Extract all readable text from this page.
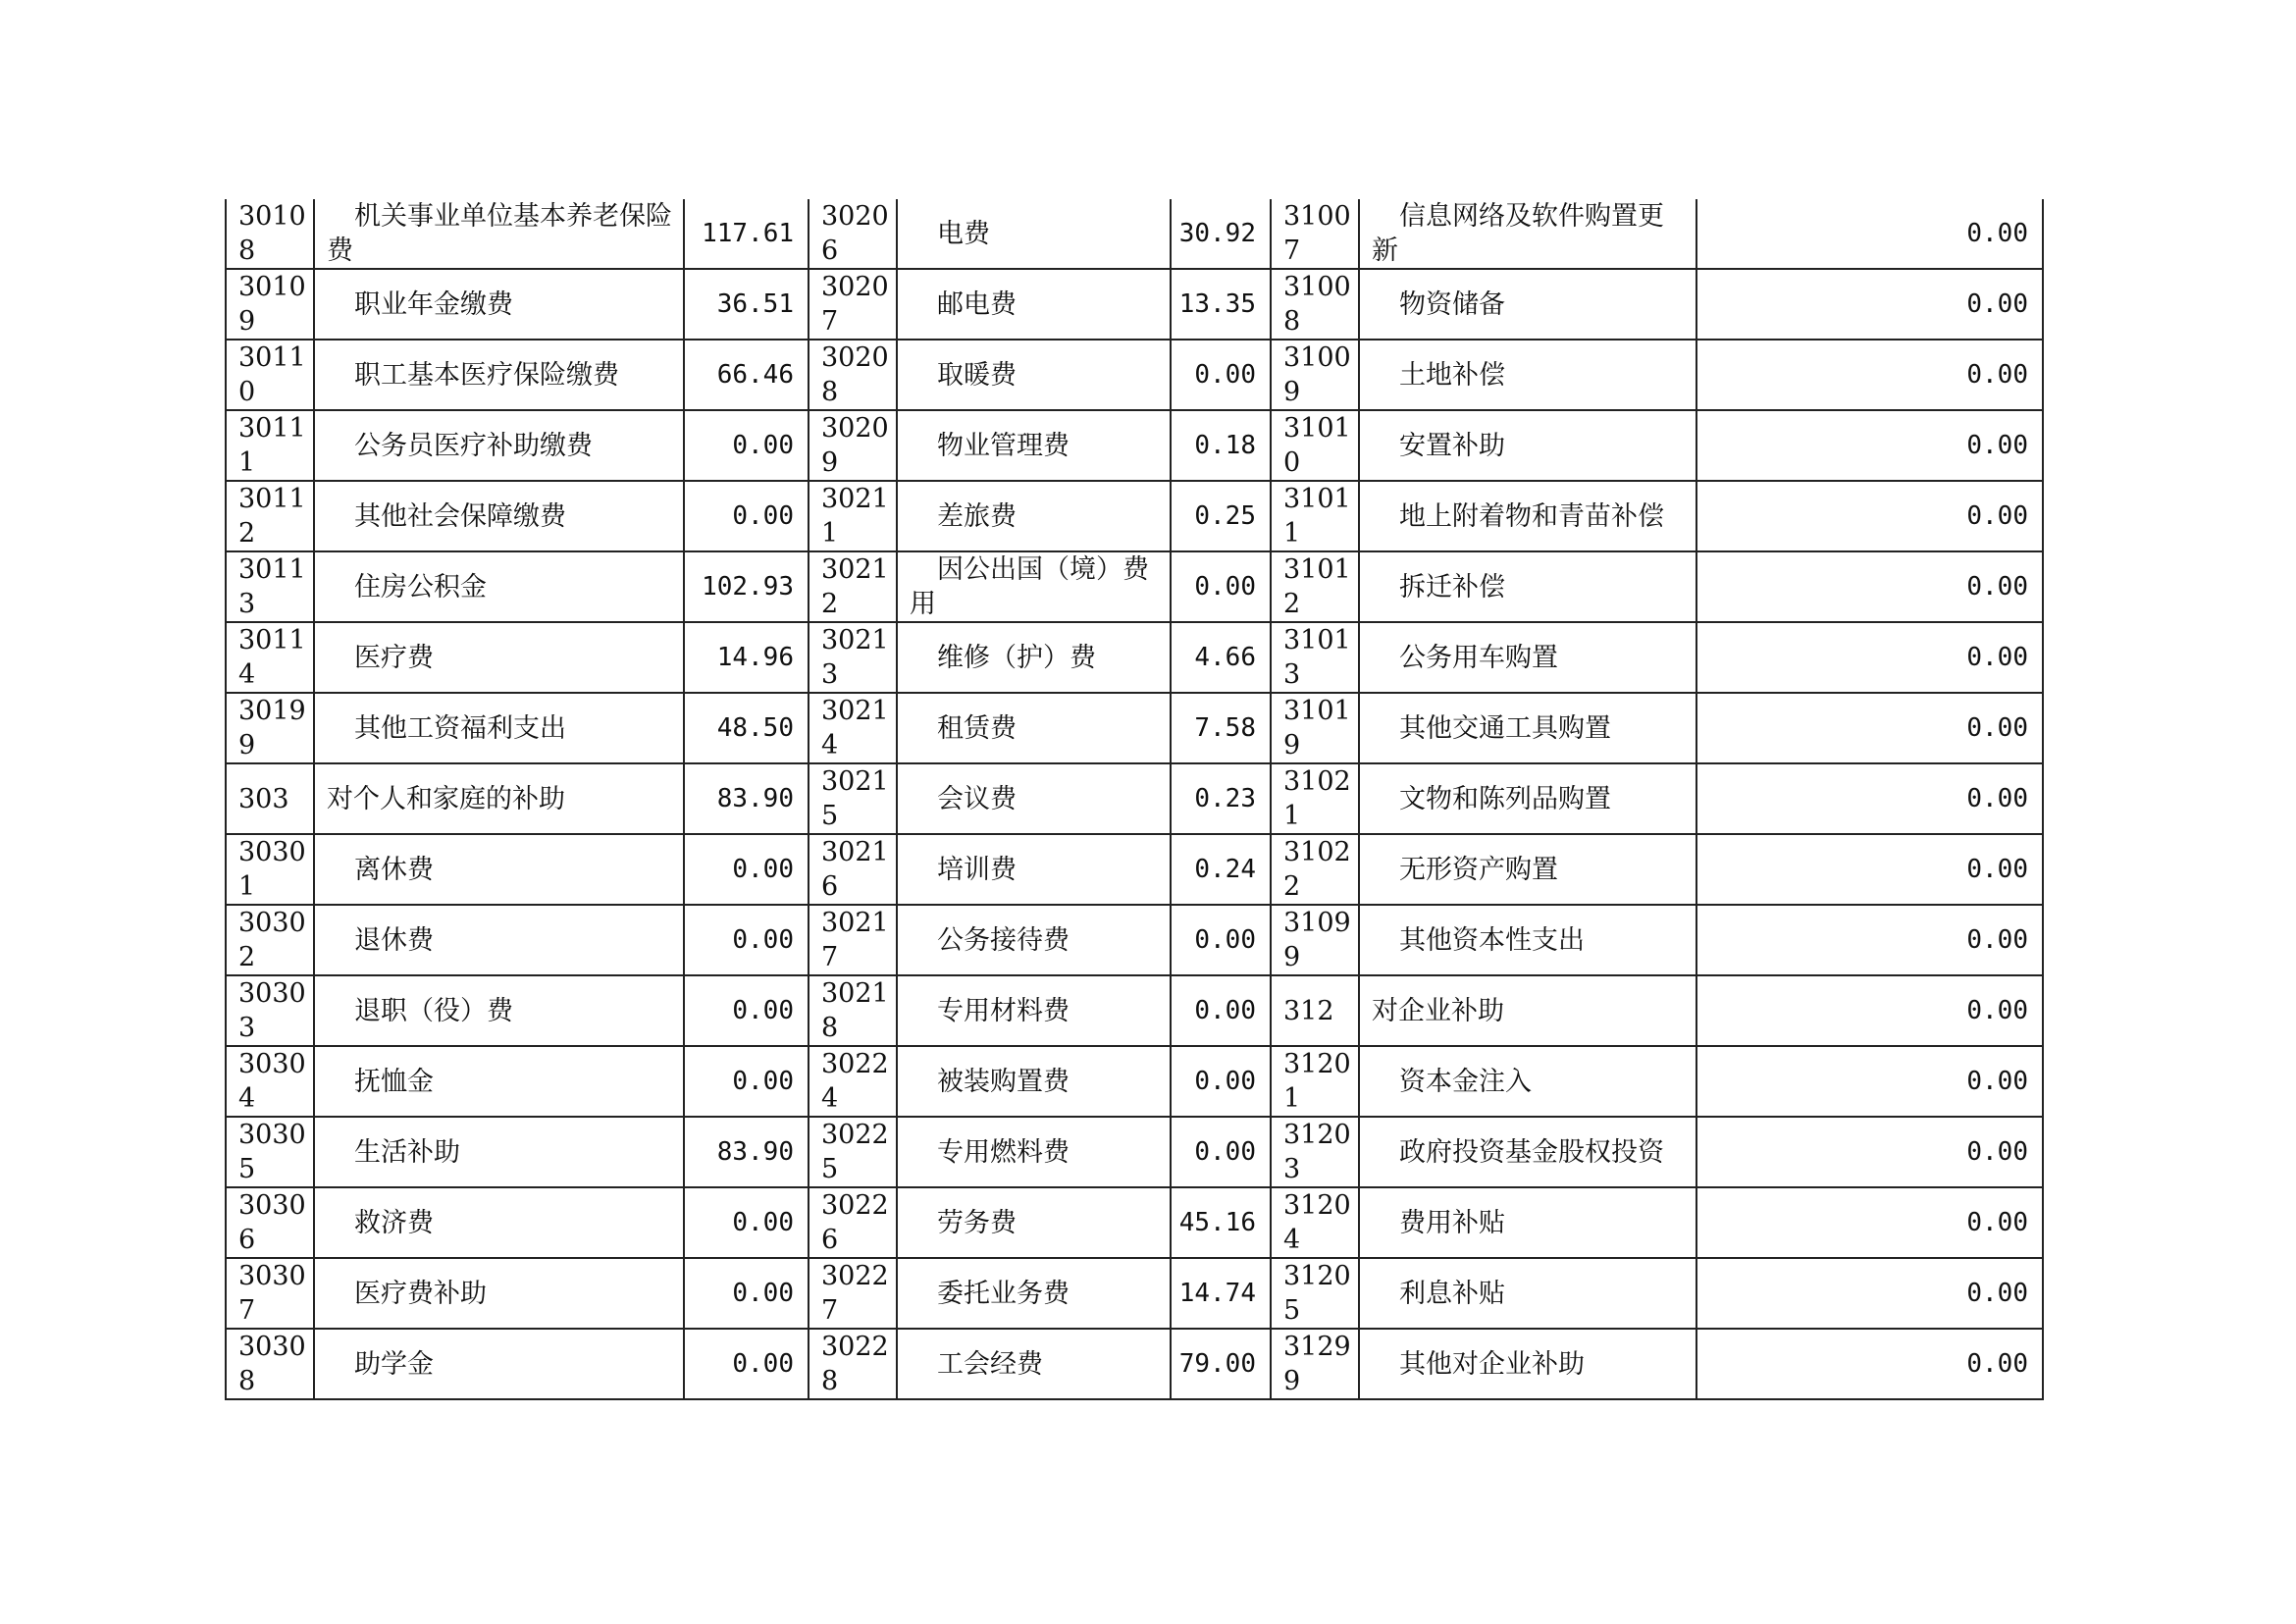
30108	机关事业单位基本养老保险费	117.61	30206	电费	30.92	31007	信息网络及软件购置更新	0.00
30109	职业年金缴费	36.51	30207	邮电费	13.35	31008	物资储备	0.00
30110	职工基本医疗保险缴费	66.46	30208	取暖费	0.00	31009	土地补偿	0.00
30111	公务员医疗补助缴费	0.00	30209	物业管理费	0.18	31010	安置补助	0.00
30112	其他社会保障缴费	0.00	30211	差旅费	0.25	31011	地上附着物和青苗补偿	0.00
30113	住房公积金	102.93	30212	因公出国（境）费用	0.00	31012	拆迁补偿	0.00
30114	医疗费	14.96	30213	维修（护）费	4.66	31013	公务用车购置	0.00
30199	其他工资福利支出	48.50	30214	租赁费	7.58	31019	其他交通工具购置	0.00
303	对个人和家庭的补助	83.90	30215	会议费	0.23	31021	文物和陈列品购置	0.00
30301	离休费	0.00	30216	培训费	0.24	31022	无形资产购置	0.00
30302	退休费	0.00	30217	公务接待费	0.00	31099	其他资本性支出	0.00
30303	退职（役）费	0.00	30218	专用材料费	0.00	312	对企业补助	0.00
30304	抚恤金	0.00	30224	被装购置费	0.00	31201	资本金注入	0.00
30305	生活补助	83.90	30225	专用燃料费	0.00	31203	政府投资基金股权投资	0.00
30306	救济费	0.00	30226	劳务费	45.16	31204	费用补贴	0.00
30307	医疗费补助	0.00	30227	委托业务费	14.74	31205	利息补贴	0.00
30308	助学金	0.00	30228	工会经费	79.00	31299	其他对企业补助	0.00
